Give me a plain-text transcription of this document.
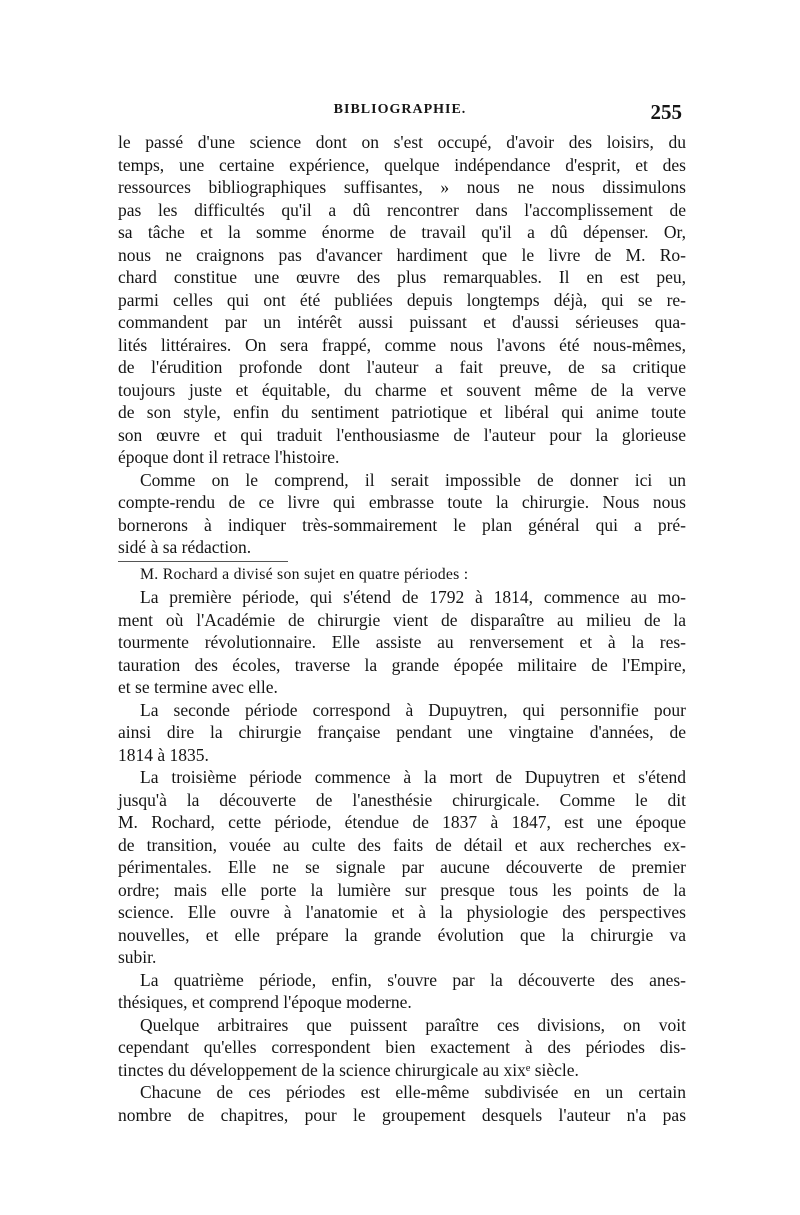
BIBLIOGRAPHIE.	255
le passé d'une science dont on s'est occupé, d'avoir des loisirs, du
temps, une certaine expérience, quelque indépendance d'esprit, et des
ressources bibliographiques suffisantes, » nous ne nous dissimulons
pas les difficultés qu'il a dû rencontrer dans l'accomplissement de
sa tâche et la somme énorme de travail qu'il a dû dépenser. Or,
nous ne craignons pas d'avancer hardiment que le livre de M. Ro-
chard constitue une œuvre des plus remarquables. Il en est peu,
parmi celles qui ont été publiées depuis longtemps déjà, qui se re-
commandent par un intérêt aussi puissant et d'aussi sérieuses qua-
lités littéraires. On sera frappé, comme nous l'avons été nous-mêmes,
de l'érudition profonde dont l'auteur a fait preuve, de sa critique
toujours juste et équitable, du charme et souvent même de la verve
de son style, enfin du sentiment patriotique et libéral qui anime toute
son œuvre et qui traduit l'enthousiasme de l'auteur pour la glorieuse
époque dont il retrace l'histoire.
Comme on le comprend, il serait impossible de donner ici un
compte-rendu de ce livre qui embrasse toute la chirurgie. Nous nous
bornerons à indiquer très-sommairement le plan général qui a pré-
sidé à sa rédaction.
M. Rochard a divisé son sujet en quatre périodes :
La première période, qui s'étend de 1792 à 1814, commence au mo-
ment où l'Académie de chirurgie vient de disparaître au milieu de la
tourmente révolutionnaire. Elle assiste au renversement et à la res-
tauration des écoles, traverse la grande épopée militaire de l'Empire,
et se termine avec elle.
La seconde période correspond à Dupuytren, qui personnifie pour
ainsi dire la chirurgie française pendant une vingtaine d'années, de
1814 à 1835.
La troisième période commence à la mort de Dupuytren et s'étend
jusqu'à la découverte de l'anesthésie chirurgicale. Comme le dit
M. Rochard, cette période, étendue de 1837 à 1847, est une époque
de transition, vouée au culte des faits de détail et aux recherches ex-
périmentales. Elle ne se signale par aucune découverte de premier
ordre; mais elle porte la lumière sur presque tous les points de la
science. Elle ouvre à l'anatomie et à la physiologie des perspectives
nouvelles, et elle prépare la grande évolution que la chirurgie va
subir.
La quatrième période, enfin, s'ouvre par la découverte des anes-
thésiques, et comprend l'époque moderne.
Quelque arbitraires que puissent paraître ces divisions, on voit
cependant qu'elles correspondent bien exactement à des périodes dis-
tinctes du développement de la science chirurgicale au xixᵉ siècle.
Chacune de ces périodes est elle-même subdivisée en un certain
nombre de chapitres, pour le groupement desquels l'auteur n'a pas
